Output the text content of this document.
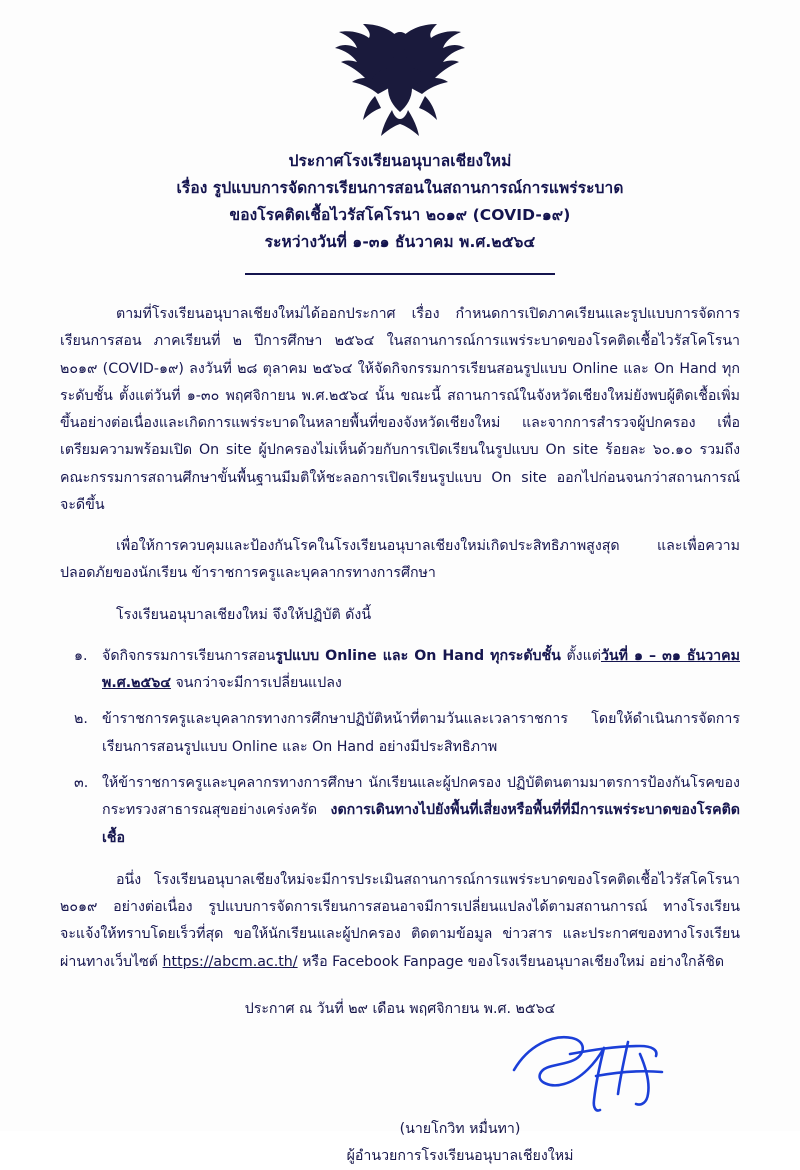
ประกาศโรงเรียนอนุบาลเชียงใหม่
เรื่อง รูปแบบการจัดการเรียนการสอนในสถานการณ์การแพร่ระบาด
ของโรคติดเชื้อไวรัสโคโรนา ๒๐๑๙ (COVID-๑๙)
ระหว่างวันที่ ๑-๓๑ ธันวาคม พ.ศ.๒๕๖๔

ตามที่โรงเรียนอนุบาลเชียงใหม่ได้ออกประกาศ เรื่อง กำหนดการเปิดภาคเรียนและรูปแบบการจัดการเรียนการสอน ภาคเรียนที่ ๒ ปีการศึกษา ๒๕๖๔ ในสถานการณ์การแพร่ระบาดของโรคติดเชื้อไวรัสโคโรนา ๒๐๑๙ (COVID-๑๙) ลงวันที่ ๒๘ ตุลาคม ๒๕๖๔ ให้จัดกิจกรรมการเรียนสอนรูปแบบ Online และ On Hand ทุกระดับชั้น ตั้งแต่วันที่ ๑-๓๐ พฤศจิกายน พ.ศ.๒๕๖๔ นั้น ขณะนี้ สถานการณ์ในจังหวัดเชียงใหม่ยังพบผู้ติดเชื้อเพิ่มขึ้นอย่างต่อเนื่องและเกิดการแพร่ระบาดในหลายพื้นที่ของจังหวัดเชียงใหม่ และจากการสำรวจผู้ปกครอง เพื่อเตรียมความพร้อมเปิด On site ผู้ปกครองไม่เห็นด้วยกับการเปิดเรียนในรูปแบบ On site ร้อยละ ๖๐.๑๐ รวมถึงคณะกรรมการสถานศึกษาขั้นพื้นฐานมีมติให้ชะลอการเปิดเรียนรูปแบบ On site ออกไปก่อนจนกว่าสถานการณ์จะดีขึ้น

เพื่อให้การควบคุมและป้องกันโรคในโรงเรียนอนุบาลเชียงใหม่เกิดประสิทธิภาพสูงสุด และเพื่อความปลอดภัยของนักเรียน ข้าราชการครูและบุคลากรทางการศึกษา

โรงเรียนอนุบาลเชียงใหม่ จึงให้ปฏิบัติ ดังนี้

๑. จัดกิจกรรมการเรียนการสอนรูปแบบ Online และ On Hand ทุกระดับชั้น ตั้งแต่วันที่ ๑ – ๓๑ ธันวาคม พ.ศ.๒๕๖๔ จนกว่าจะมีการเปลี่ยนแปลง
๒. ข้าราชการครูและบุคลากรทางการศึกษาปฏิบัติหน้าที่ตามวันและเวลาราชการ โดยให้ดำเนินการจัดการเรียนการสอนรูปแบบ Online และ On Hand อย่างมีประสิทธิภาพ
๓. ให้ข้าราชการครูและบุคลากรทางการศึกษา นักเรียนและผู้ปกครอง ปฏิบัติตนตามมาตรการป้องกันโรคของกระทรวงสาธารณสุขอย่างเคร่งครัด งดการเดินทางไปยังพื้นที่เสี่ยงหรือพื้นที่ที่มีการแพร่ระบาดของโรคติดเชื้อ

อนึ่ง โรงเรียนอนุบาลเชียงใหม่จะมีการประเมินสถานการณ์การแพร่ระบาดของโรคติดเชื้อไวรัสโคโรนา ๒๐๑๙ อย่างต่อเนื่อง รูปแบบการจัดการเรียนการสอนอาจมีการเปลี่ยนแปลงได้ตามสถานการณ์ ทางโรงเรียนจะแจ้งให้ทราบโดยเร็วที่สุด ขอให้นักเรียนและผู้ปกครอง ติดตามข้อมูล ข่าวสาร และประกาศของทางโรงเรียนผ่านทางเว็บไซต์ https://abcm.ac.th/ หรือ Facebook Fanpage ของโรงเรียนอนุบาลเชียงใหม่ อย่างใกล้ชิด

ประกาศ ณ วันที่ ๒๙ เดือน พฤศจิกายน พ.ศ. ๒๕๖๔
(นายโกวิท หมื่นทา)
ผู้อำนวยการโรงเรียนอนุบาลเชียงใหม่
